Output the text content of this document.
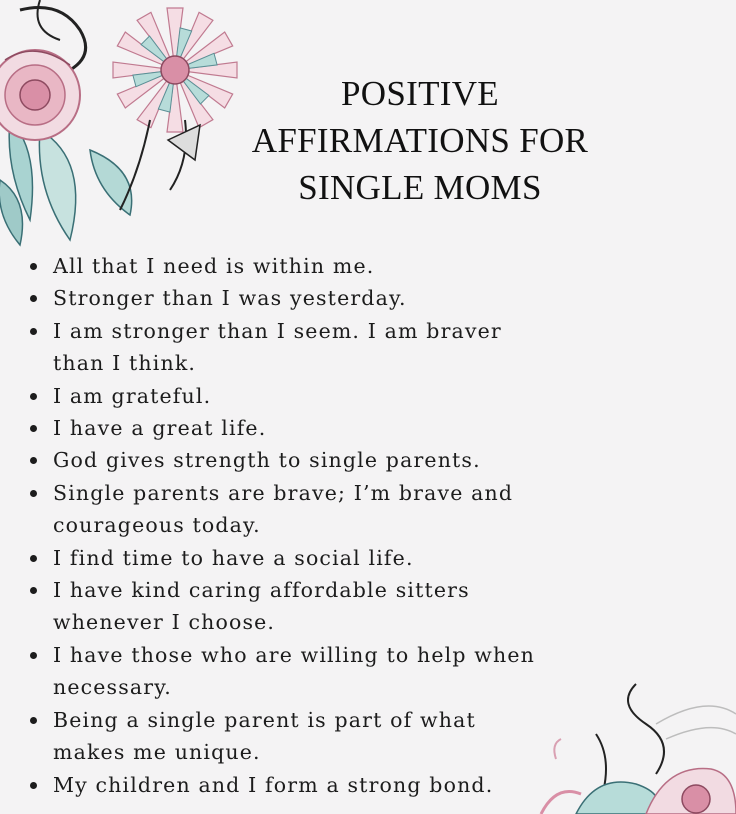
POSITIVE
AFFIRMATIONS FOR
SINGLE MOMS
All that I need is within me.
Stronger than I was yesterday.
I am stronger than I seem. I am braver
than I think.
I am grateful.
I have a great life.
God gives strength to single parents.
Single parents are brave; I’m brave and
courageous today.
I find time to have a social life.
I have kind caring affordable sitters
whenever I choose.
I have those who are willing to help when
necessary.
Being a single parent is part of what
makes me unique.
My children and I form a strong bond.
